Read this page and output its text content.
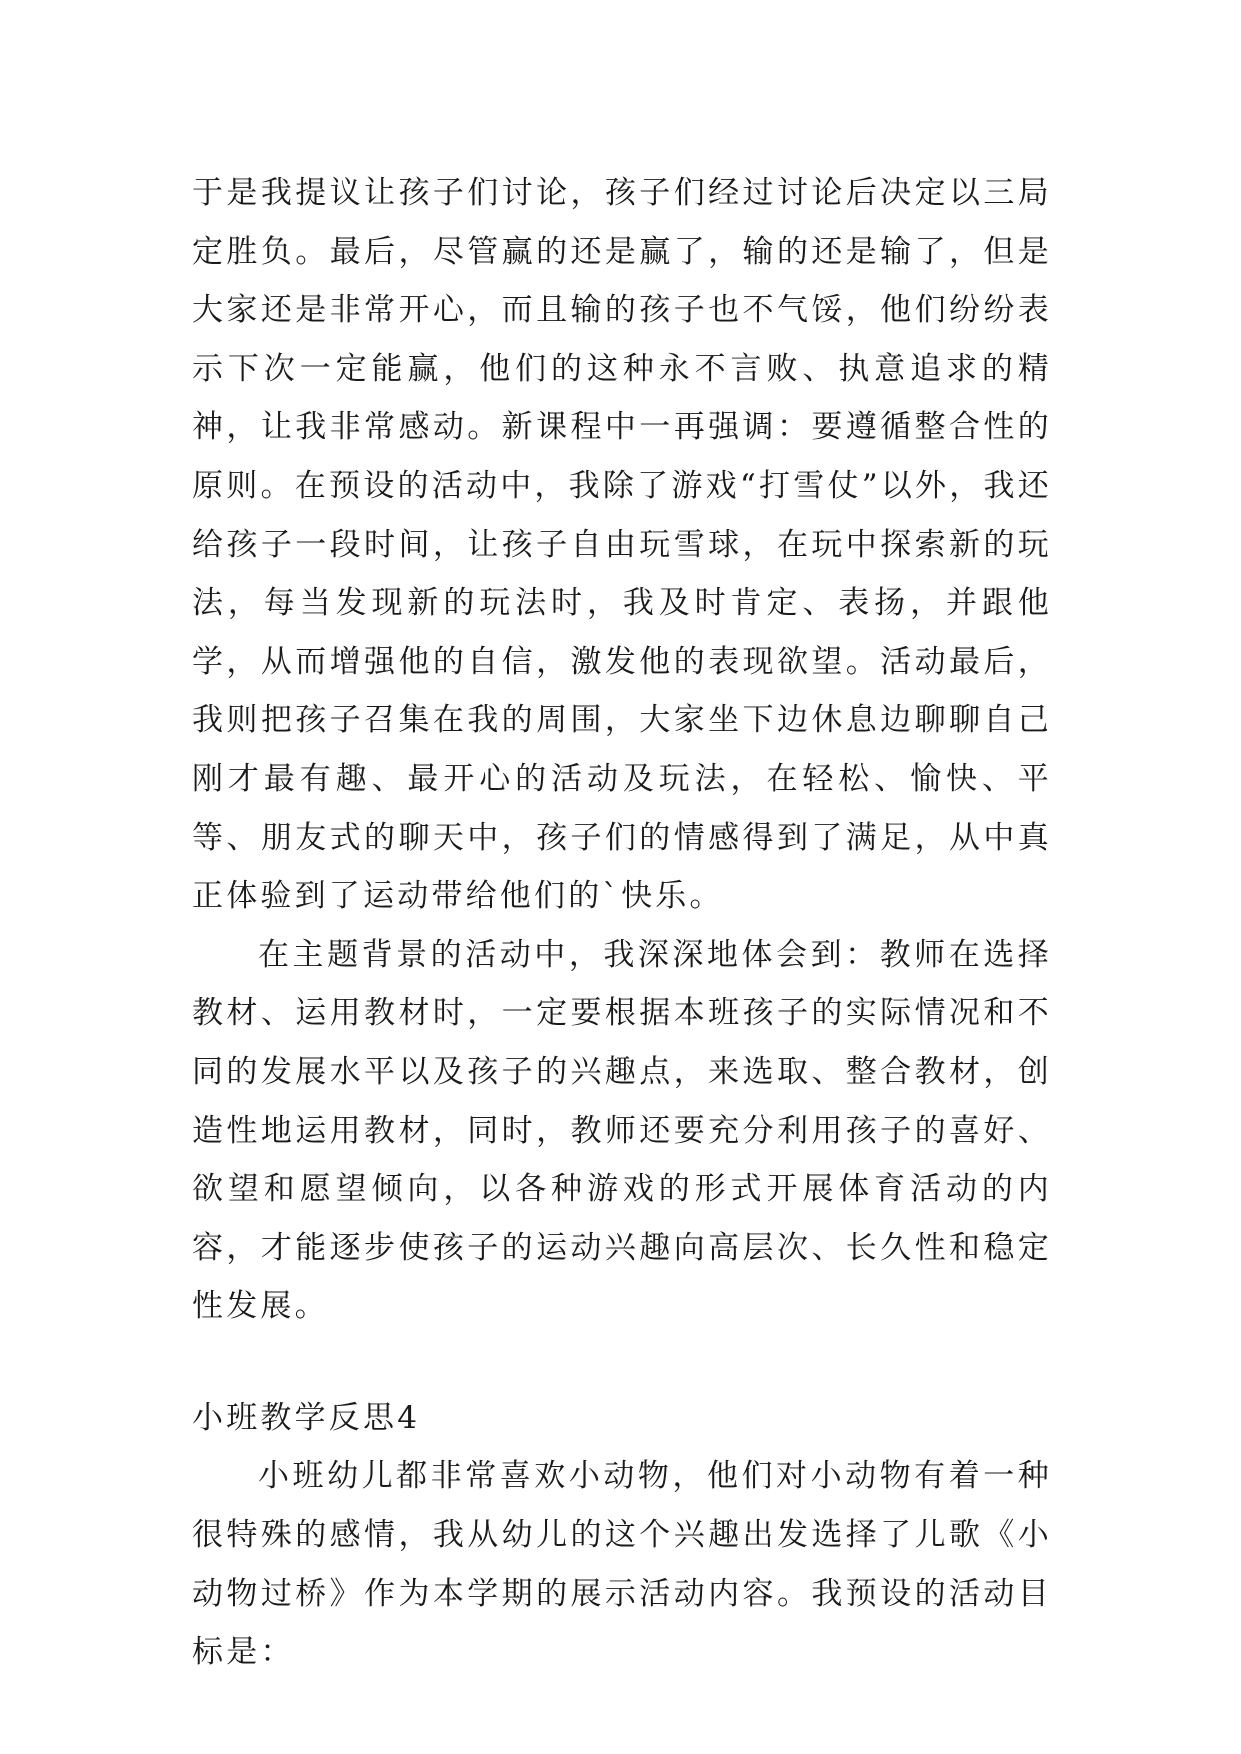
于是我提议让孩子们讨论，孩子们经过讨论后决定以三局定胜负。最后，尽管赢的还是赢了，输的还是输了，但是大家还是非常开心，而且输的孩子也不气馁，他们纷纷表示下次一定能赢，他们的这种永不言败、执意追求的精神，让我非常感动。新课程中一再强调：要遵循整合性的原则。在预设的活动中，我除了游戏“打雪仗”以外，我还给孩子一段时间，让孩子自由玩雪球，在玩中探索新的玩法，每当发现新的玩法时，我及时肯定、表扬，并跟他学，从而增强他的自信，激发他的表现欲望。活动最后，我则把孩子召集在我的周围，大家坐下边休息边聊聊自己刚才最有趣、最开心的活动及玩法，在轻松、愉快、平等、朋友式的聊天中，孩子们的情感得到了满足，从中真正体验到了运动带给他们的`快乐。

在主题背景的活动中，我深深地体会到：教师在选择教材、运用教材时，一定要根据本班孩子的实际情况和不同的发展水平以及孩子的兴趣点，来选取、整合教材，创造性地运用教材，同时，教师还要充分利用孩子的喜好、欲望和愿望倾向，以各种游戏的形式开展体育活动的内容，才能逐步使孩子的运动兴趣向高层次、长久性和稳定性发展。

小班教学反思4

小班幼儿都非常喜欢小动物，他们对小动物有着一种很特殊的感情，我从幼儿的这个兴趣出发选择了儿歌《小动物过桥》作为本学期的展示活动内容。我预设的活动目标是：
